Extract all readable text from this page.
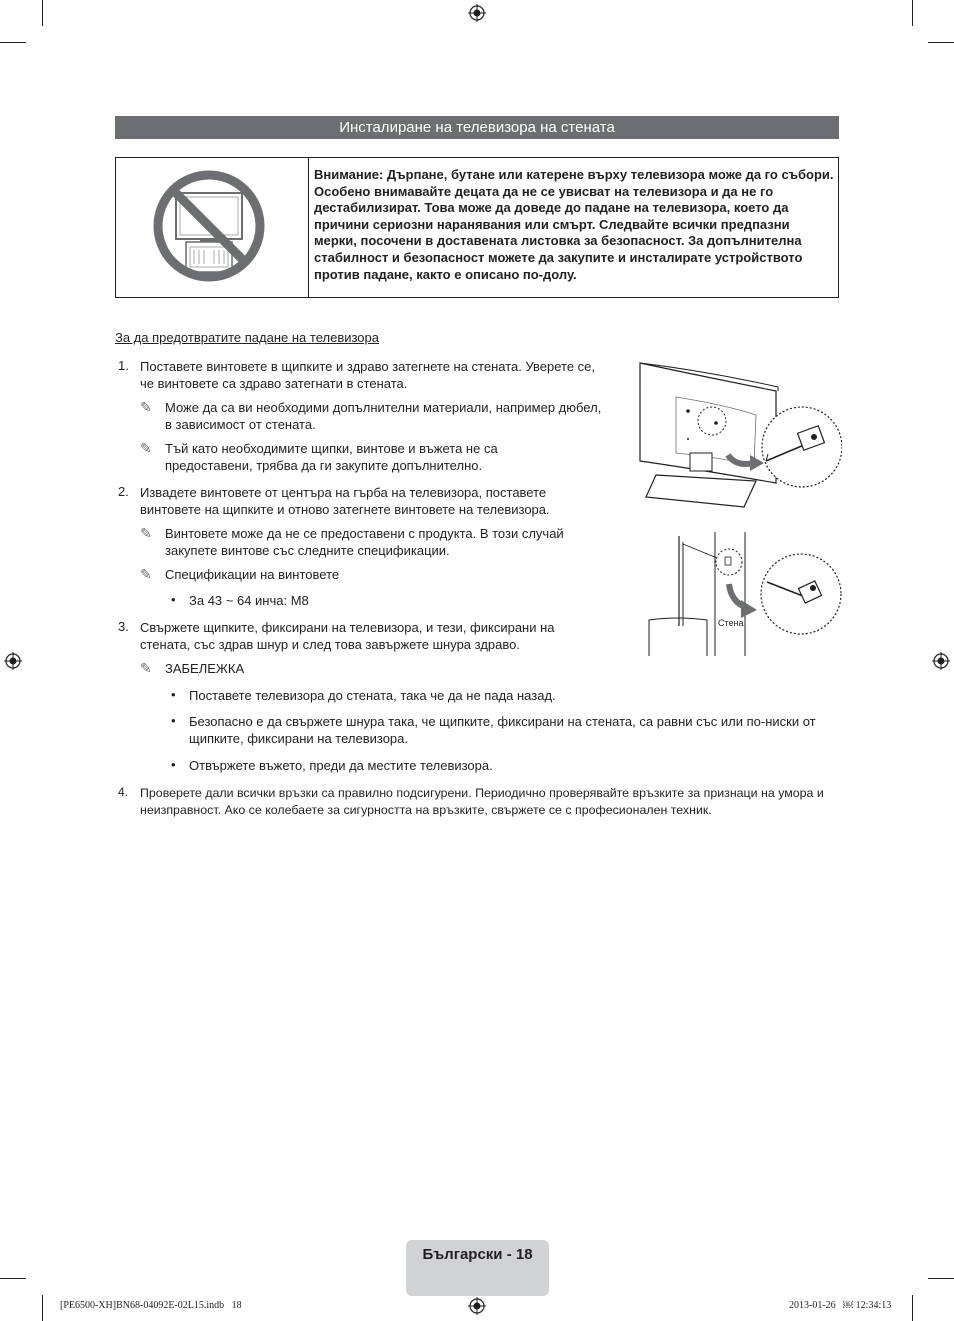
Инсталиране на телевизора на стената
Внимание: Дърпане, бутане или катерене върху телевизора може да го събори. Особено внимавайте децата да не се увисват на телевизора и да не го дестабилизират. Това може да доведе до падане на телевизора, което да причини сериозни наранявания или смърт. Следвайте всички предпазни мерки, посочени в доставената листовка за безопасност. За допълнителна стабилност и безопасност можете да закупите и инсталирате устройството против падане, както е описано по-долу.
За да предотвратите падане на телевизора
1. Поставете винтовете в щипките и здраво затегнете на стената. Уверете се, че винтовете са здраво затегнати в стената.
✎ Може да са ви необходими допълнителни материали, например дюбел, в зависимост от стената.
✎ Тъй като необходимите щипки, винтове и въжета не са предоставени, трябва да ги закупите допълнително.
2. Извадете винтовете от центъра на гърба на телевизора, поставете винтовете на щипките и отново затегнете винтовете на телевизора.
✎ Винтовете може да не се предоставени с продукта. В този случай закупете винтове със следните спецификации.
✎ Спецификации на винтовете
• За 43 ~ 64 инча: M8
3. Свържете щипките, фиксирани на телевизора, и тези, фиксирани на стената, със здрав шнур и след това завържете шнура здраво.
✎ ЗАБЕЛЕЖКА
• Поставете телевизора до стената, така че да не пада назад.
• Безопасно е да свържете шнура така, че щипките, фиксирани на стената, са равни със или по-ниски от щипките, фиксирани на телевизора.
• Отвържете въжето, преди да местите телевизора.
4. Проверете дали всички връзки са правилно подсигурени. Периодично проверявайте връзките за признаци на умора и неизправност. Ако се колебаете за сигурността на връзките, свържете се с професионален техник.
Стена
Български - 18
[PE6500-XH]BN68-04092E-02L15.indb   18	2013-01-26   ￼ 12:34:13
